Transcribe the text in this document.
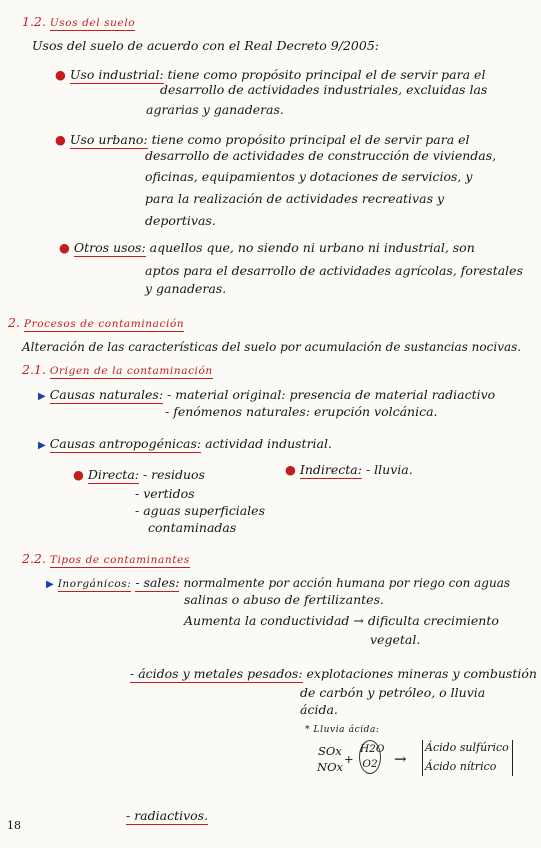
1.2. Usos del suelo
Usos del suelo de acuerdo con el Real Decreto 9/2005:
● Uso industrial: tiene como propósito principal el de servir para el
desarrollo de actividades industriales, excluidas las
agrarias y ganaderas.
● Uso urbano: tiene como propósito principal el de servir para el
desarrollo de actividades de construcción de viviendas,
oficinas, equipamientos y dotaciones de servicios, y
para la realización de actividades recreativas y
deportivas.
● Otros usos: aquellos que, no siendo ni urbano ni industrial, son
aptos para el desarrollo de actividades agrícolas, forestales
y ganaderas.
2. Procesos de contaminación
Alteración de las características del suelo por acumulación de sustancias nocivas.
2.1. Origen de la contaminación
▶ Causas naturales: - material original: presencia de material radiactivo
- fenómenos naturales: erupción volcánica.
▶ Causas antropogénicas: actividad industrial.
● Directa: - residuos
- vertidos
- aguas superficiales
contaminadas
● Indirecta: - lluvia.
2.2. Tipos de contaminantes
▶ Inorgánicos: - sales: normalmente por acción humana por riego con aguas
salinas o abuso de fertilizantes.
Aumenta la conductividad → dificulta crecimiento
vegetal.
- ácidos y metales pesados: explotaciones mineras y combustión
de carbón y petróleo, o lluvia
ácida.
* Lluvia ácida:
SOx
NOx
+
H2O
O2 →
Ácido sulfúrico
Ácido nítrico
- radiactivos.
18
